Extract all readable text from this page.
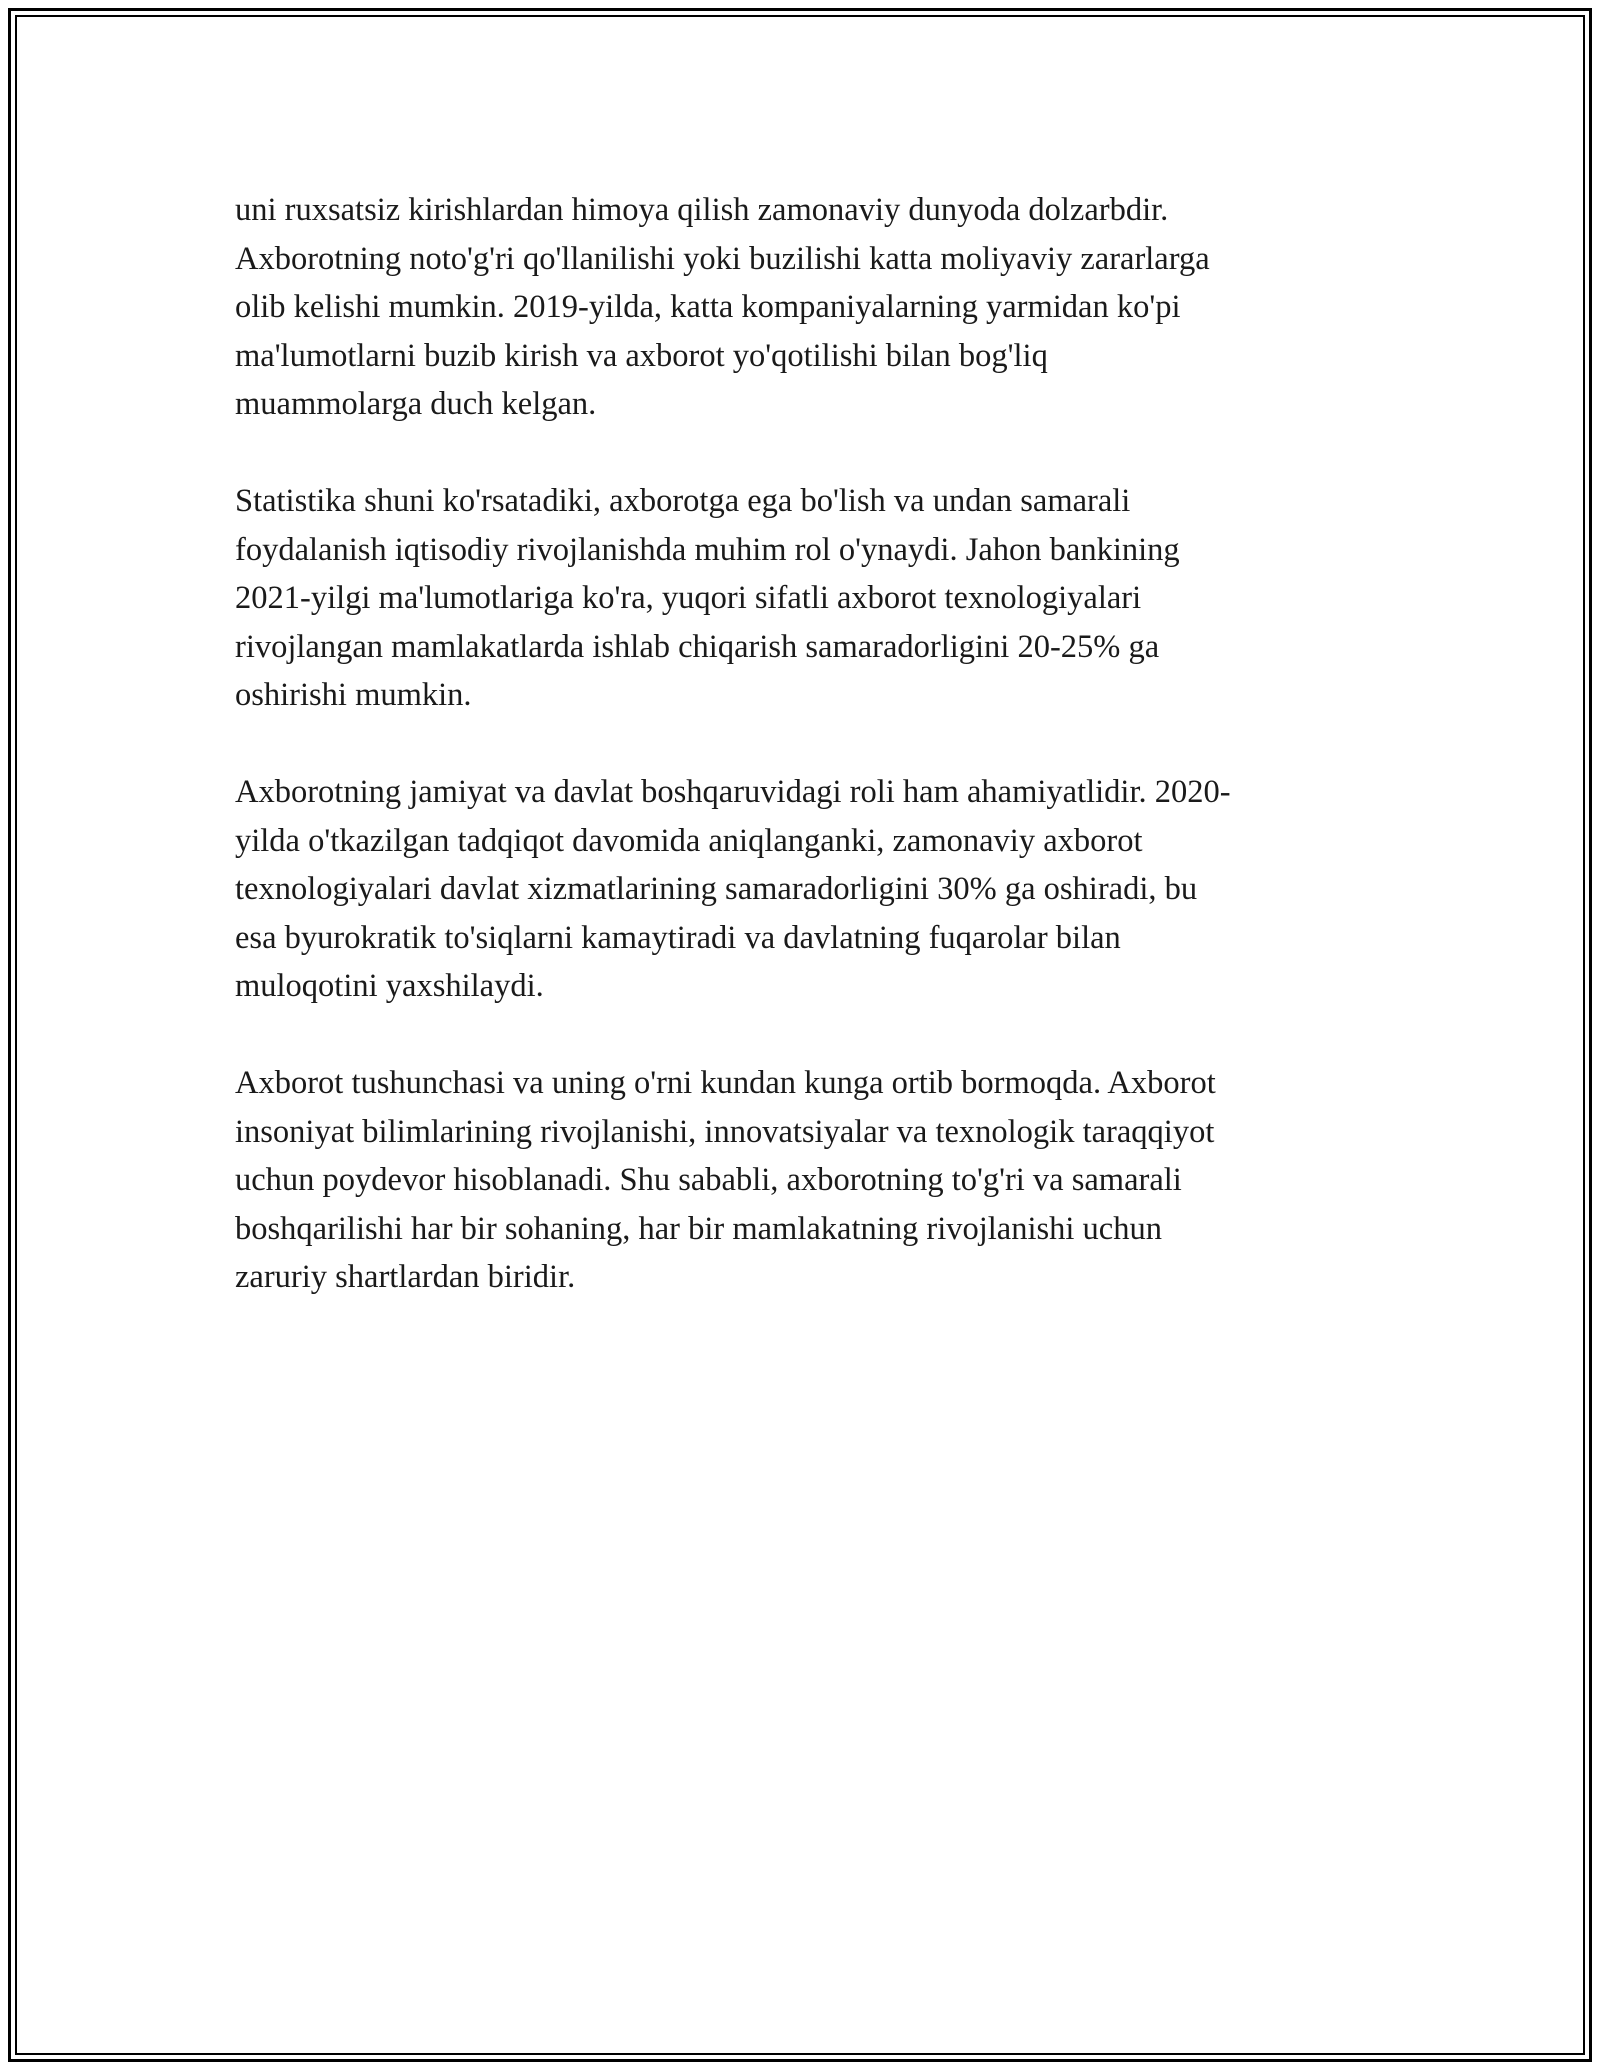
uni ruxsatsiz kirishlardan himoya qilish zamonaviy dunyoda dolzarbdir.
Axborotning noto'g'ri qo'llanilishi yoki buzilishi katta moliyaviy zararlarga
olib kelishi mumkin. 2019-yilda, katta kompaniyalarning yarmidan ko'pi
ma'lumotlarni buzib kirish va axborot yo'qotilishi bilan bog'liq
muammolarga duch kelgan.

Statistika shuni ko'rsatadiki, axborotga ega bo'lish va undan samarali
foydalanish iqtisodiy rivojlanishda muhim rol o'ynaydi. Jahon bankining
2021-yilgi ma'lumotlariga ko'ra, yuqori sifatli axborot texnologiyalari
rivojlangan mamlakatlarda ishlab chiqarish samaradorligini 20-25% ga
oshirishi mumkin.

Axborotning jamiyat va davlat boshqaruvidagi roli ham ahamiyatlidir. 2020-
yilda o'tkazilgan tadqiqot davomida aniqlanganki, zamonaviy axborot
texnologiyalari davlat xizmatlarining samaradorligini 30% ga oshiradi, bu
esa byurokratik to'siqlarni kamaytiradi va davlatning fuqarolar bilan
muloqotini yaxshilaydi.

Axborot tushunchasi va uning o'rni kundan kunga ortib bormoqda. Axborot
insoniyat bilimlarining rivojlanishi, innovatsiyalar va texnologik taraqqiyot
uchun poydevor hisoblanadi. Shu sababli, axborotning to'g'ri va samarali
boshqarilishi har bir sohaning, har bir mamlakatning rivojlanishi uchun
zaruriy shartlardan biridir.
